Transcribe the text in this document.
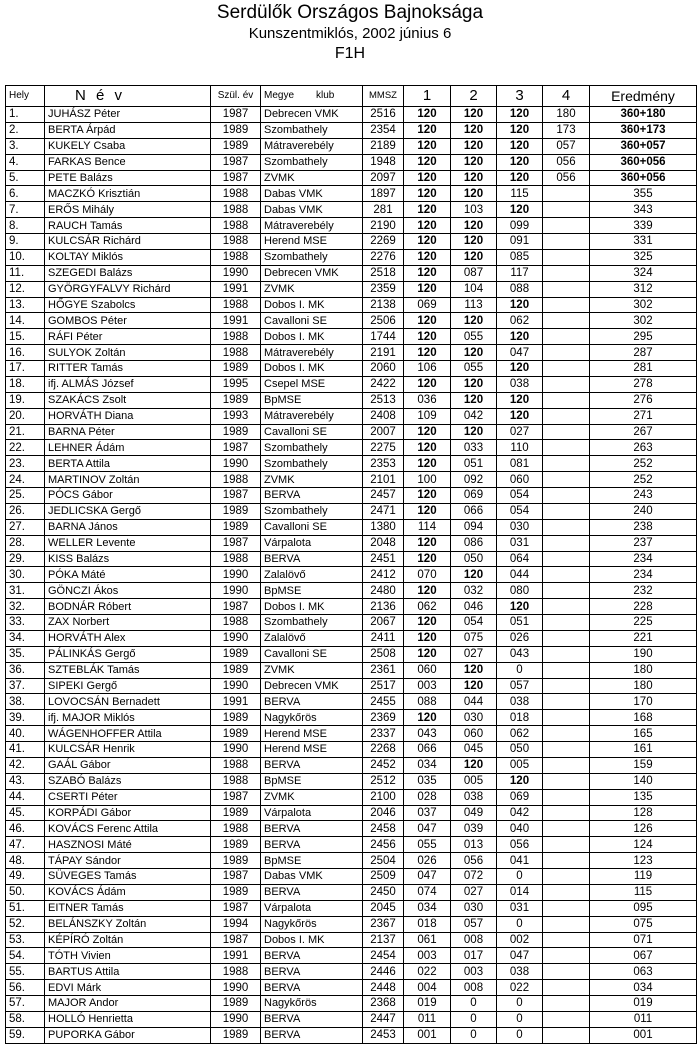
Serdülők Országos Bajnoksága
Kunszentmiklós, 2002 június 6
F1H
Hely	N é v	Szül. év	Megye klub	MMSZ	1	2	3	4	Eredmény
1.	JUHÁSZ Péter	1987	Debrecen VMK	2516	120	120	120	180	360+180
2.	BERTA Árpád	1989	Szombathely	2354	120	120	120	173	360+173
3.	KUKELY Csaba	1989	Mátraverebély	2189	120	120	120	057	360+057
4.	FARKAS Bence	1987	Szombathely	1948	120	120	120	056	360+056
5.	PETE Balázs	1987	ZVMK	2097	120	120	120	056	360+056
6.	MACZKÓ Krisztián	1988	Dabas VMK	1897	120	120	115		355
7.	ERŐS Mihály	1988	Dabas VMK	281	120	103	120		343
8.	RAUCH Tamás	1988	Mátraverebély	2190	120	120	099		339
9.	KULCSÁR Richárd	1988	Herend MSE	2269	120	120	091		331
10.	KOLTAY Miklós	1988	Szombathely	2276	120	120	085		325
11.	SZEGEDI Balázs	1990	Debrecen VMK	2518	120	087	117		324
12.	GYÖRGYFALVY Richárd	1991	ZVMK	2359	120	104	088		312
13.	HŐGYE Szabolcs	1988	Dobos I. MK	2138	069	113	120		302
14.	GOMBOS Péter	1991	Cavalloni SE	2506	120	120	062		302
15.	RÁFI Péter	1988	Dobos I. MK	1744	120	055	120		295
16.	SULYOK Zoltán	1988	Mátraverebély	2191	120	120	047		287
17.	RITTER Tamás	1989	Dobos I. MK	2060	106	055	120		281
18.	ifj. ALMÁS József	1995	Csepel MSE	2422	120	120	038		278
19.	SZAKÁCS Zsolt	1989	BpMSE	2513	036	120	120		276
20.	HORVÁTH Diana	1993	Mátraverebély	2408	109	042	120		271
21.	BARNA Péter	1989	Cavalloni SE	2007	120	120	027		267
22.	LEHNER Ádám	1987	Szombathely	2275	120	033	110		263
23.	BERTA Attila	1990	Szombathely	2353	120	051	081		252
24.	MARTINOV Zoltán	1988	ZVMK	2101	100	092	060		252
25.	PÓCS Gábor	1987	BERVA	2457	120	069	054		243
26.	JEDLICSKA Gergő	1989	Szombathely	2471	120	066	054		240
27.	BARNA János	1989	Cavalloni SE	1380	114	094	030		238
28.	WELLER Levente	1987	Várpalota	2048	120	086	031		237
29.	KISS Balázs	1988	BERVA	2451	120	050	064		234
30.	PÓKA Máté	1990	Zalalövő	2412	070	120	044		234
31.	GÖNCZI Ákos	1990	BpMSE	2480	120	032	080		232
32.	BODNÁR Róbert	1987	Dobos I. MK	2136	062	046	120		228
33.	ZAX Norbert	1988	Szombathely	2067	120	054	051		225
34.	HORVÁTH Alex	1990	Zalalövő	2411	120	075	026		221
35.	PÁLINKÁS Gergő	1989	Cavalloni SE	2508	120	027	043		190
36.	SZTEBLÁK Tamás	1989	ZVMK	2361	060	120	0		180
37.	SIPEKI Gergő	1990	Debrecen VMK	2517	003	120	057		180
38.	LOVOCSÁN Bernadett	1991	BERVA	2455	088	044	038		170
39.	ifj. MAJOR Miklós	1989	Nagykőrös	2369	120	030	018		168
40.	WÁGENHOFFER Attila	1989	Herend MSE	2337	043	060	062		165
41.	KULCSÁR Henrik	1990	Herend MSE	2268	066	045	050		161
42.	GAÁL Gábor	1988	BERVA	2452	034	120	005		159
43.	SZABÓ Balázs	1988	BpMSE	2512	035	005	120		140
44.	CSERTI Péter	1987	ZVMK	2100	028	038	069		135
45.	KORPÁDI Gábor	1989	Várpalota	2046	037	049	042		128
46.	KOVÁCS Ferenc Attila	1988	BERVA	2458	047	039	040		126
47.	HASZNOSI Máté	1989	BERVA	2456	055	013	056		124
48.	TÁPAY Sándor	1989	BpMSE	2504	026	056	041		123
49.	SÜVEGES Tamás	1987	Dabas VMK	2509	047	072	0		119
50.	KOVÁCS Ádám	1989	BERVA	2450	074	027	014		115
51.	EITNER Tamás	1987	Várpalota	2045	034	030	031		095
52.	BELÁNSZKY Zoltán	1994	Nagykőrös	2367	018	057	0		075
53.	KÉPÍRÓ Zoltán	1987	Dobos I. MK	2137	061	008	002		071
54.	TÓTH Vivien	1991	BERVA	2454	003	017	047		067
55.	BARTUS Attila	1988	BERVA	2446	022	003	038		063
56.	EDVI Márk	1990	BERVA	2448	004	008	022		034
57.	MAJOR Andor	1989	Nagykőrös	2368	019	0	0		019
58.	HOLLÓ Henrietta	1990	BERVA	2447	011	0	0		011
59.	PUPORKA Gábor	1989	BERVA	2453	001	0	0		001
